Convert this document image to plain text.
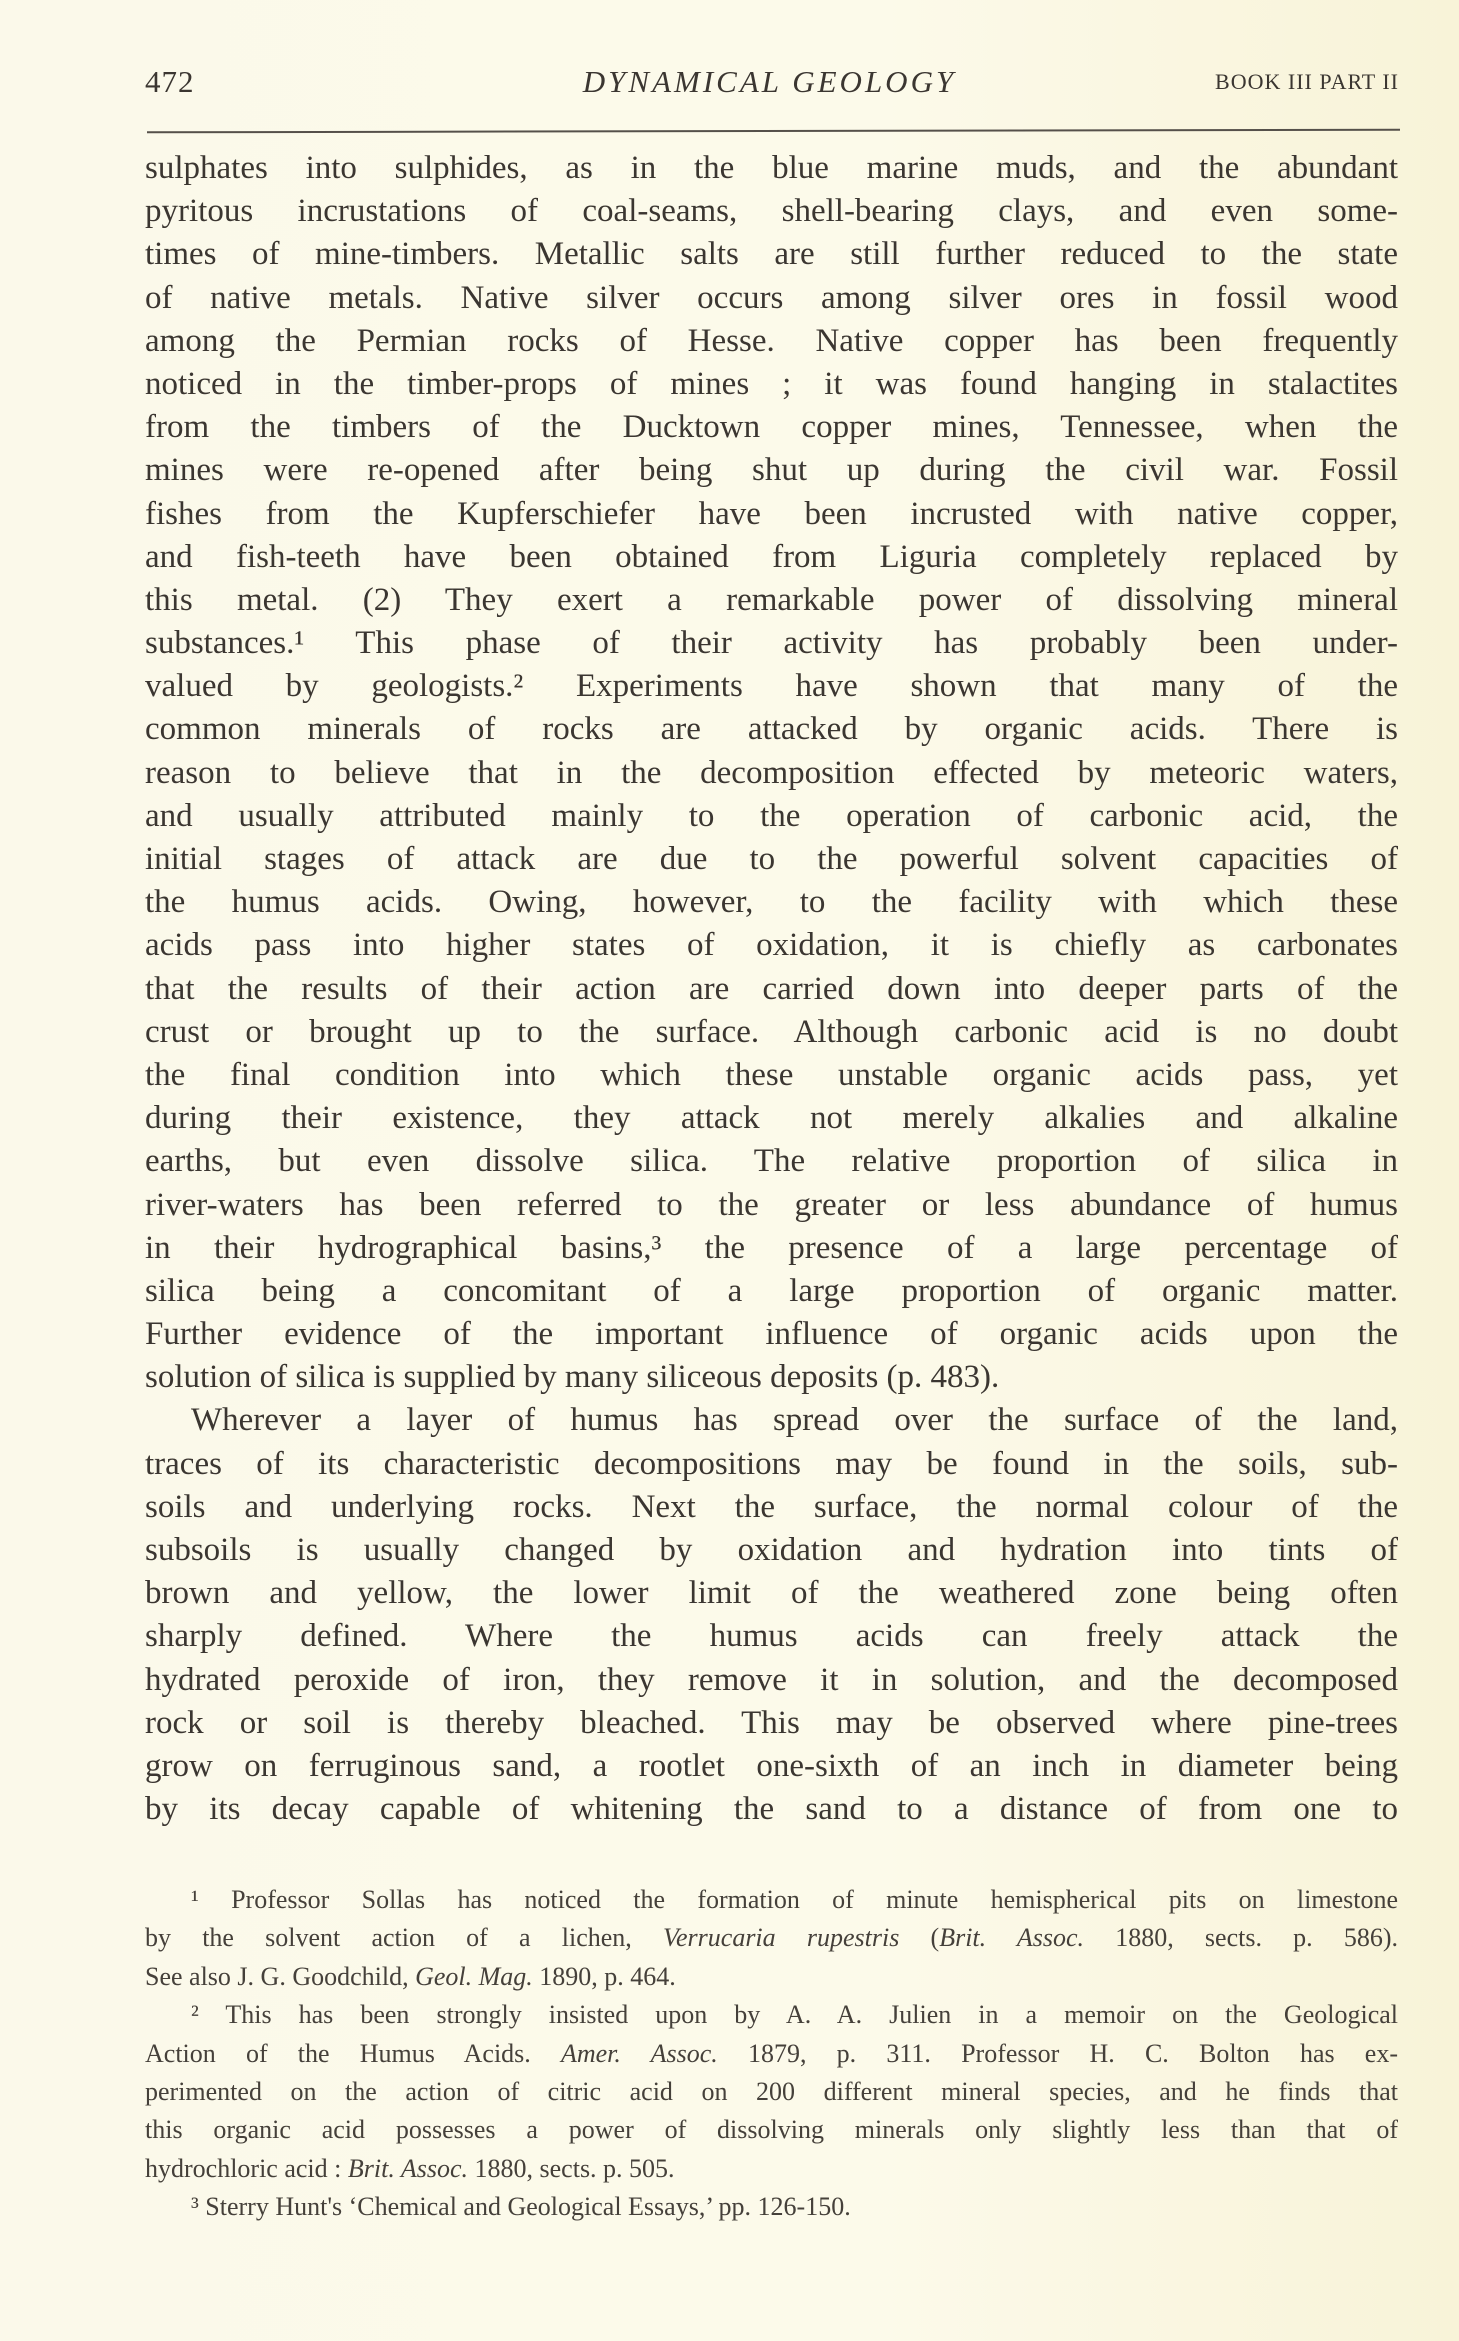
472	DYNAMICAL GEOLOGY	BOOK III PART II
sulphates into sulphides, as in the blue marine muds, and the abundant
pyritous incrustations of coal-seams, shell-bearing clays, and even some-
times of mine-timbers. Metallic salts are still further reduced to the state
of native metals. Native silver occurs among silver ores in fossil wood
among the Permian rocks of Hesse. Native copper has been frequently
noticed in the timber-props of mines ; it was found hanging in stalactites
from the timbers of the Ducktown copper mines, Tennessee, when the
mines were re-opened after being shut up during the civil war. Fossil
fishes from the Kupferschiefer have been incrusted with native copper,
and fish-teeth have been obtained from Liguria completely replaced by
this metal. (2) They exert a remarkable power of dissolving mineral
substances.¹ This phase of their activity has probably been under-
valued by geologists.² Experiments have shown that many of the
common minerals of rocks are attacked by organic acids. There is
reason to believe that in the decomposition effected by meteoric waters,
and usually attributed mainly to the operation of carbonic acid, the
initial stages of attack are due to the powerful solvent capacities of
the humus acids. Owing, however, to the facility with which these
acids pass into higher states of oxidation, it is chiefly as carbonates
that the results of their action are carried down into deeper parts of the
crust or brought up to the surface. Although carbonic acid is no doubt
the final condition into which these unstable organic acids pass, yet
during their existence, they attack not merely alkalies and alkaline
earths, but even dissolve silica. The relative proportion of silica in
river-waters has been referred to the greater or less abundance of humus
in their hydrographical basins,³ the presence of a large percentage of
silica being a concomitant of a large proportion of organic matter.
Further evidence of the important influence of organic acids upon the
solution of silica is supplied by many siliceous deposits (p. 483).
Wherever a layer of humus has spread over the surface of the land,
traces of its characteristic decompositions may be found in the soils, sub-
soils and underlying rocks. Next the surface, the normal colour of the
subsoils is usually changed by oxidation and hydration into tints of
brown and yellow, the lower limit of the weathered zone being often
sharply defined. Where the humus acids can freely attack the
hydrated peroxide of iron, they remove it in solution, and the decomposed
rock or soil is thereby bleached. This may be observed where pine-trees
grow on ferruginous sand, a rootlet one-sixth of an inch in diameter being
by its decay capable of whitening the sand to a distance of from one to
¹ Professor Sollas has noticed the formation of minute hemispherical pits on limestone
by the solvent action of a lichen, Verrucaria rupestris (Brit. Assoc. 1880, sects. p. 586).
See also J. G. Goodchild, Geol. Mag. 1890, p. 464.
² This has been strongly insisted upon by A. A. Julien in a memoir on the Geological
Action of the Humus Acids. Amer. Assoc. 1879, p. 311. Professor H. C. Bolton has ex-
perimented on the action of citric acid on 200 different mineral species, and he finds that
this organic acid possesses a power of dissolving minerals only slightly less than that of
hydrochloric acid : Brit. Assoc. 1880, sects. p. 505.
³ Sterry Hunt's ‘Chemical and Geological Essays,’ pp. 126-150.
